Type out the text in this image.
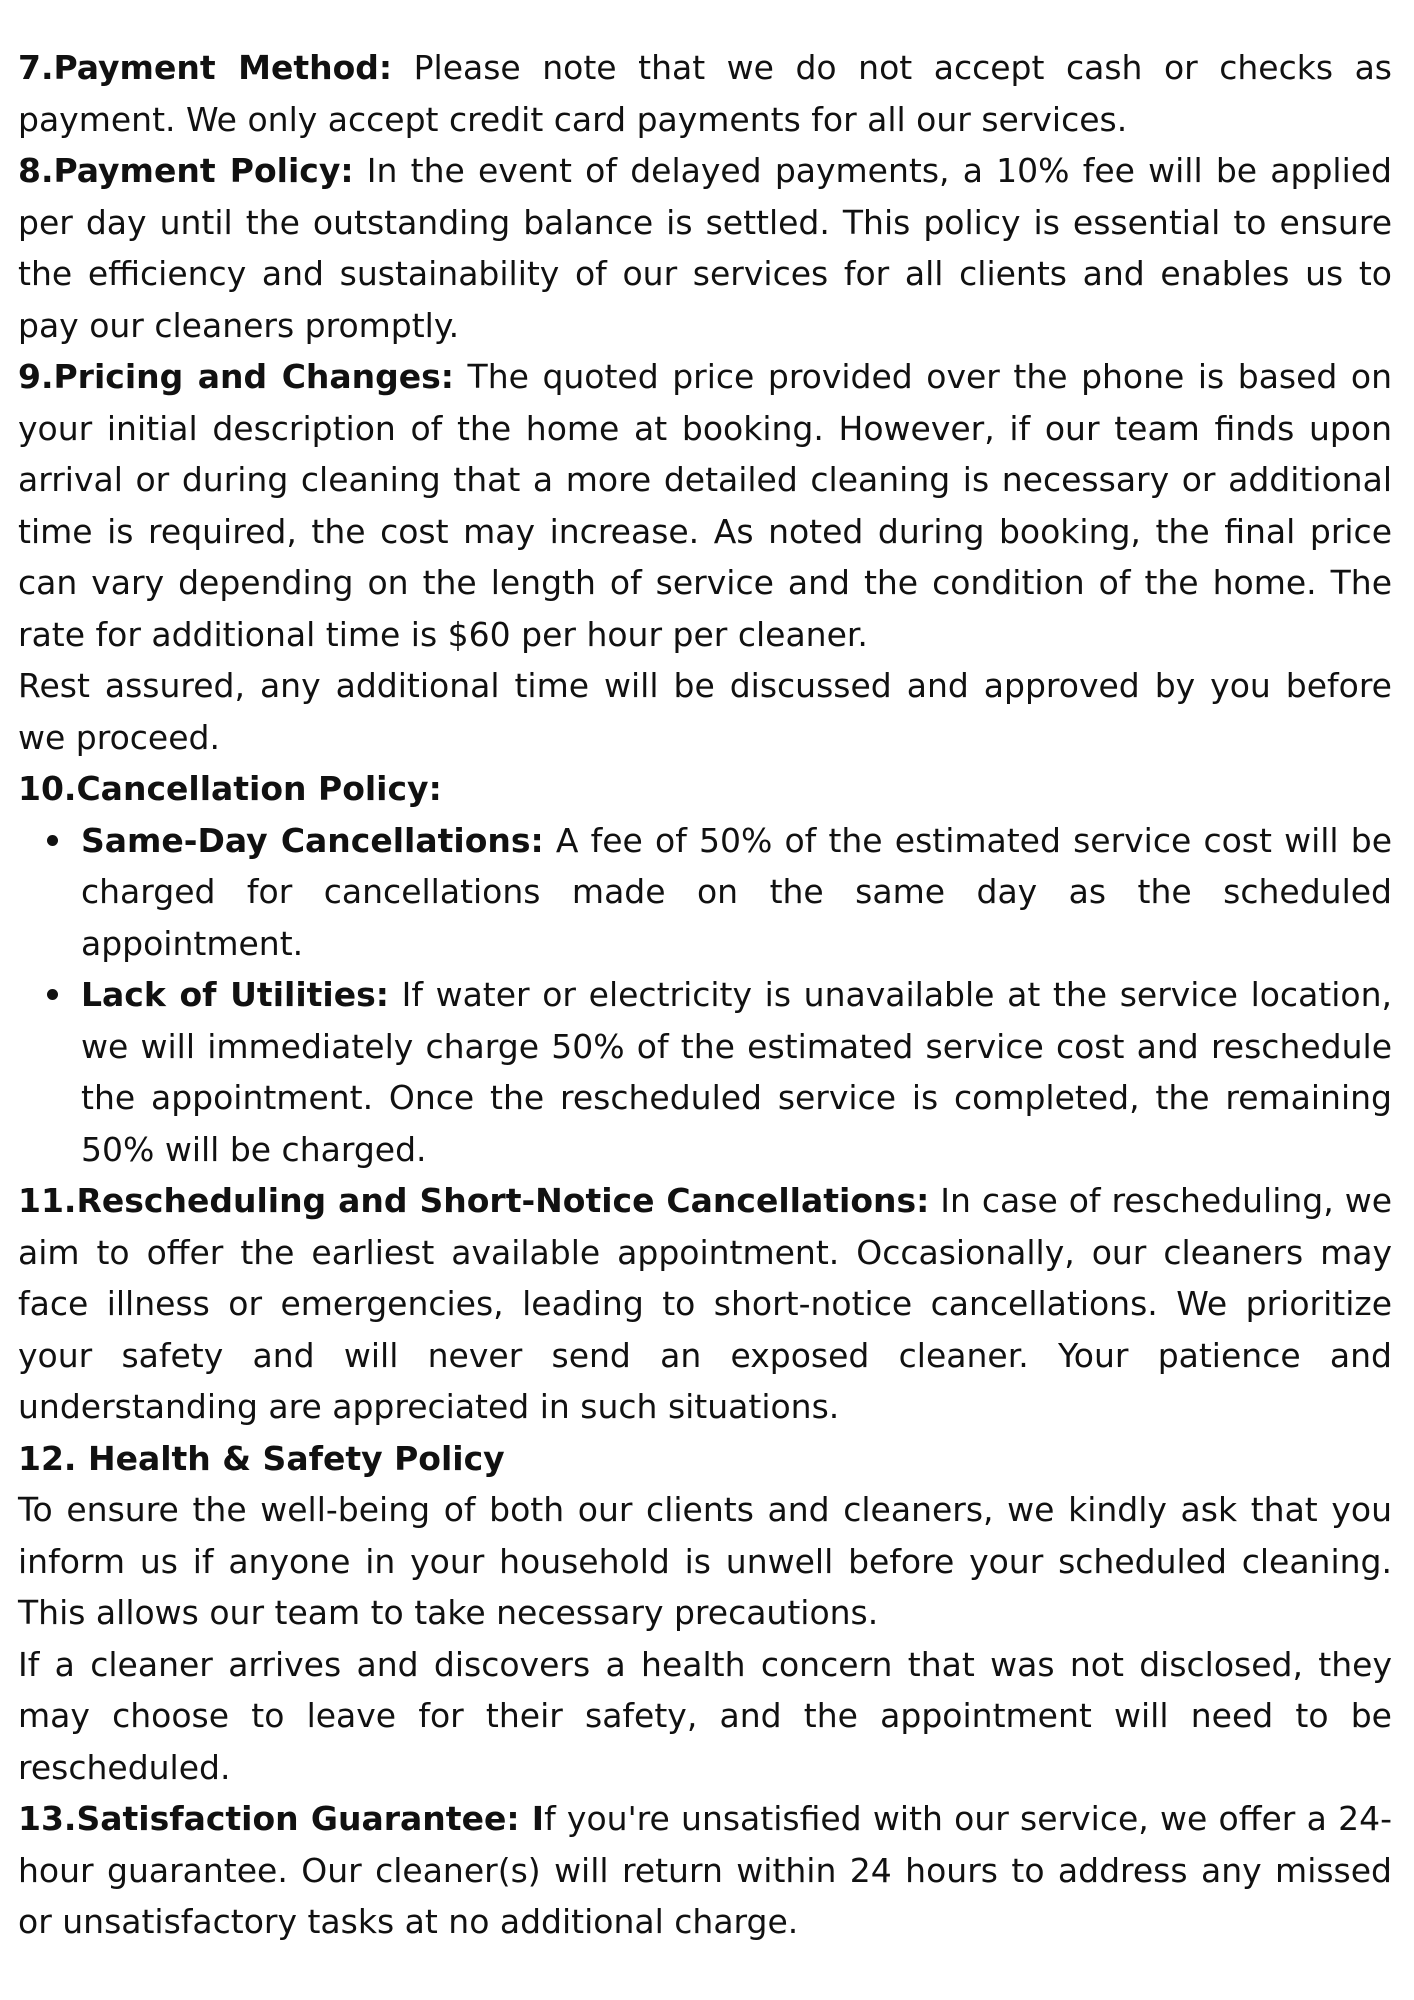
7.Payment Method: Please note that we do not accept cash or checks as payment. We only accept credit card payments for all our services.

8.Payment Policy: In the event of delayed payments, a 10% fee will be applied per day until the outstanding balance is settled. This policy is essential to ensure the efficiency and sustainability of our services for all clients and enables us to pay our cleaners promptly.

9.Pricing and Changes: The quoted price provided over the phone is based on your initial description of the home at booking. However, if our team finds upon arrival or during cleaning that a more detailed cleaning is necessary or additional time is required, the cost may increase. As noted during booking, the final price can vary depending on the length of service and the condition of the home. The rate for additional time is $60 per hour per cleaner.

Rest assured, any additional time will be discussed and approved by you before we proceed.

10.Cancellation Policy:

Same-Day Cancellations: A fee of 50% of the estimated service cost will be charged for cancellations made on the same day as the scheduled appointment.
Lack of Utilities: If water or electricity is unavailable at the service location, we will immediately charge 50% of the estimated service cost and reschedule the appointment. Once the rescheduled service is completed, the remaining 50% will be charged.

11.Rescheduling and Short-Notice Cancellations: In case of rescheduling, we aim to offer the earliest available appointment. Occasionally, our cleaners may face illness or emergencies, leading to short-notice cancellations. We prioritize your safety and will never send an exposed cleaner. Your patience and understanding are appreciated in such situations.

12. Health & Safety Policy

To ensure the well-being of both our clients and cleaners, we kindly ask that you inform us if anyone in your household is unwell before your scheduled cleaning. This allows our team to take necessary precautions.

If a cleaner arrives and discovers a health concern that was not disclosed, they may choose to leave for their safety, and the appointment will need to be rescheduled.

13.Satisfaction Guarantee: If you're unsatisfied with our service, we offer a 24-hour guarantee. Our cleaner(s) will return within 24 hours to address any missed or unsatisfactory tasks at no additional charge.
